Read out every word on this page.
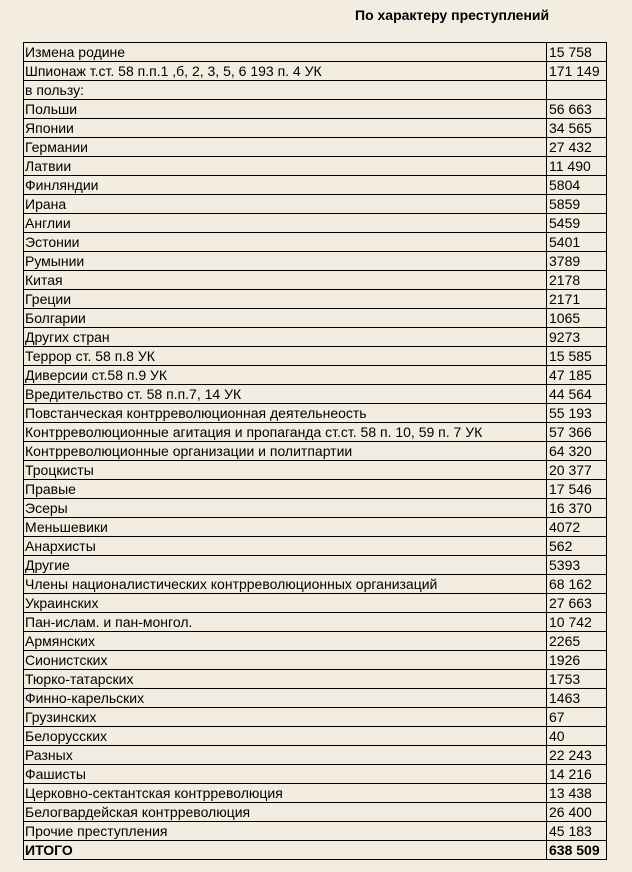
По характеру преступлений
Измена родине	15 758
Шпионаж т.ст. 58 п.п.1 ,б, 2, 3, 5, 6 193 п. 4 УК	171 149
в пользу:	
Польши	56 663
Японии	34 565
Германии	27 432
Латвии	11 490
Финляндии	5804
Ирана	5859
Англии	5459
Эстонии	5401
Румынии	3789
Китая	2178
Греции	2171
Болгарии	1065
Других стран	9273
Террор ст. 58 п.8 УК	15 585
Диверсии ст.58 п.9 УК	47 185
Вредительство ст. 58 п.п.7, 14 УК	44 564
Повстанческая контрреволюционная деятельнеость	55 193
Контрреволюционные агитация и пропаганда ст.ст. 58 п. 10, 59 п. 7 УК	57 366
Контрреволюционные организации и политпартии	64 320
Троцкисты	20 377
Правые	17 546
Эсеры	16 370
Меньшевики	4072
Анархисты	562
Другие	5393
Члены националистических контрреволюционных организаций	68 162
Украинских	27 663
Пан-ислам. и пан-монгол.	10 742
Армянских	2265
Сионистских	1926
Тюрко-татарских	1753
Финно-карельских	1463
Грузинских	67
Белорусских	40
Разных	22 243
Фашисты	14 216
Церковно-сектантская контрреволюция	13 438
Белогвардейская контрреволюция	26 400
Прочие преступления	45 183
ИТОГО	638 509
